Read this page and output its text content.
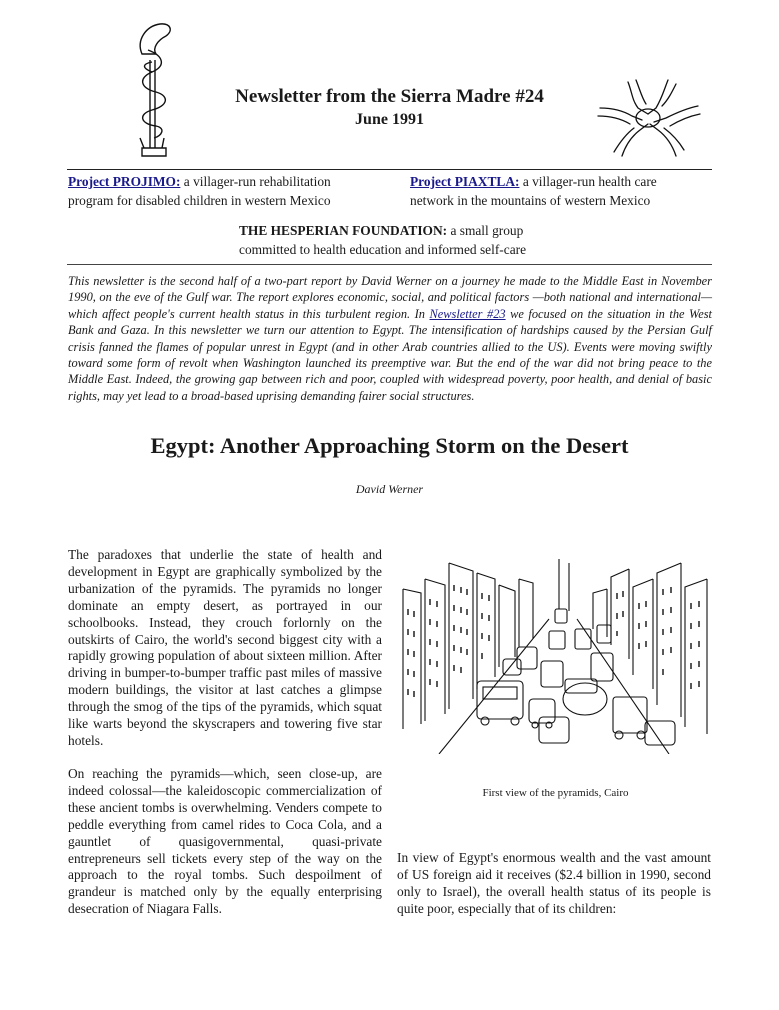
Newsletter from the Sierra Madre #24
June 1991
Project PROJIMO: a villager-run rehabilitation
program for disabled children in western Mexico
Project PIAXTLA: a villager-run health care
network in the mountains of western Mexico
THE HESPERIAN FOUNDATION: a small group
committed to health education and informed self-care
This newsletter is the second half of a two-part report by David Werner on a journey he made to the Middle East in November 1990, on the eve of the Gulf war. The report explores economic, social, and political factors —both national and international—which affect people's current health status in this turbulent region. In Newsletter #23 we focused on the situation in the West Bank and Gaza. In this newsletter we turn our attention to Egypt. The intensification of hardships caused by the Persian Gulf crisis fanned the flames of popular unrest in Egypt (and in other Arab countries allied to the US). Events were moving swiftly toward some form of revolt when Washington launched its preemptive war. But the end of the war did not bring peace to the Middle East. Indeed, the growing gap between rich and poor, coupled with widespread poverty, poor health, and denial of basic rights, may yet lead to a broad-based uprising demanding fairer social structures.
Egypt: Another Approaching Storm on the Desert
David Werner
The paradoxes that underlie the state of health and development in Egypt are graphically symbolized by the urbanization of the pyramids. The pyramids no longer dominate an empty desert, as portrayed in our schoolbooks. Instead, they crouch forlornly on the outskirts of Cairo, the world's second biggest city with a rapidly growing population of about sixteen million. After driving in bumper-to-bumper traffic past miles of massive modern buildings, the visitor at last catches a glimpse through the smog of the tips of the pyramids, which squat like warts beyond the skyscrapers and towering five star hotels.
On reaching the pyramids—which, seen close-up, are indeed colossal—the kaleidoscopic commercialization of these ancient tombs is overwhelming. Venders compete to peddle everything from camel rides to Coca Cola, and a gauntlet of quasigovernmental, quasi-private entrepreneurs sell tickets every step of the way on the approach to the royal tombs. Such despoilment of grandeur is matched only by the equally enterprising desecration of Niagara Falls.
First view of the pyramids, Cairo
In view of Egypt's enormous wealth and the vast amount of US foreign aid it receives ($2.4 billion in 1990, second only to Israel), the overall health status of its people is quite poor, especially that of its children:
